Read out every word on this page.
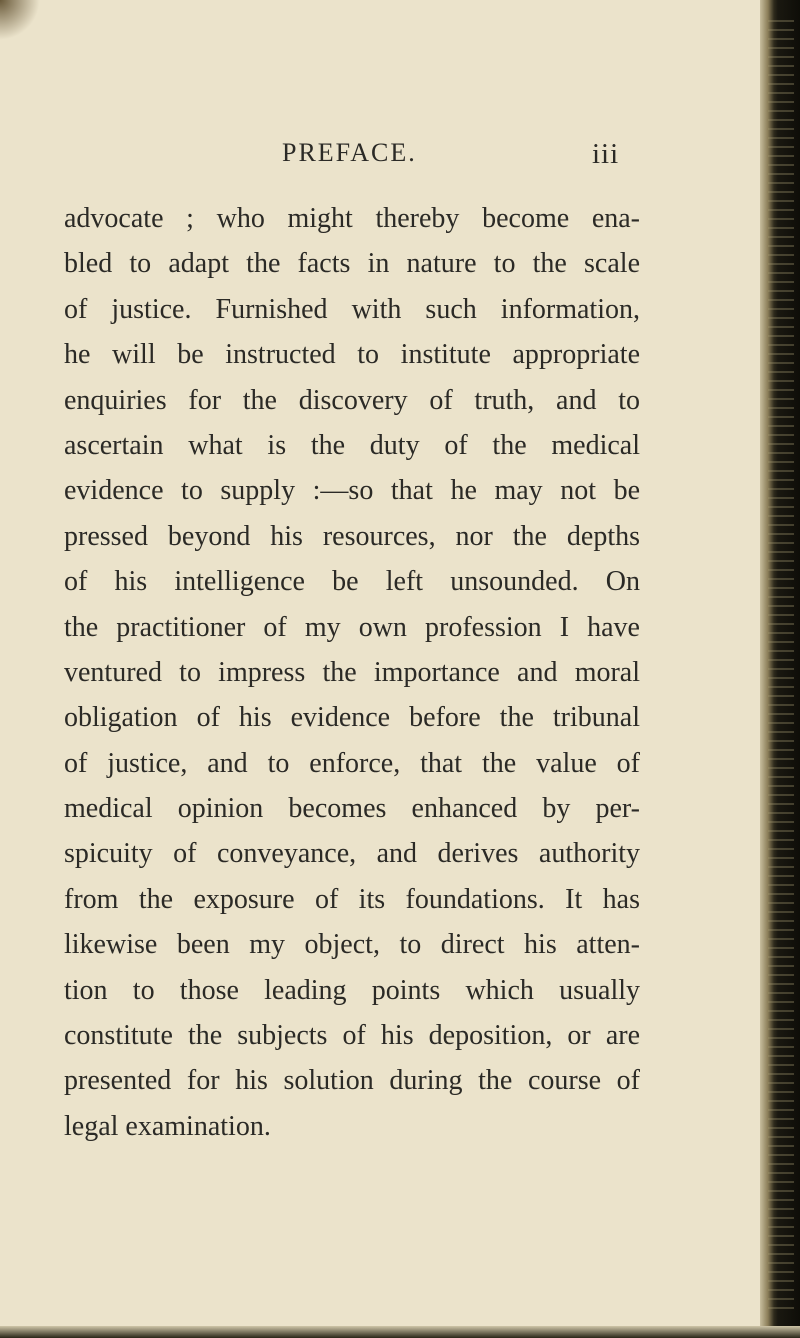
PREFACE.	iii
advocate ; who might thereby become ena-
bled to adapt the facts in nature to the scale
of justice. Furnished with such information,
he will be instructed to institute appropriate
enquiries for the discovery of truth, and to
ascertain what is the duty of the medical
evidence to supply :—so that he may not be
pressed beyond his resources, nor the depths
of his intelligence be left unsounded. On
the practitioner of my own profession I have
ventured to impress the importance and moral
obligation of his evidence before the tribunal
of justice, and to enforce, that the value of
medical opinion becomes enhanced by per-
spicuity of conveyance, and derives authority
from the exposure of its foundations. It has
likewise been my object, to direct his atten-
tion to those leading points which usually
constitute the subjects of his deposition, or are
presented for his solution during the course of
legal examination.
